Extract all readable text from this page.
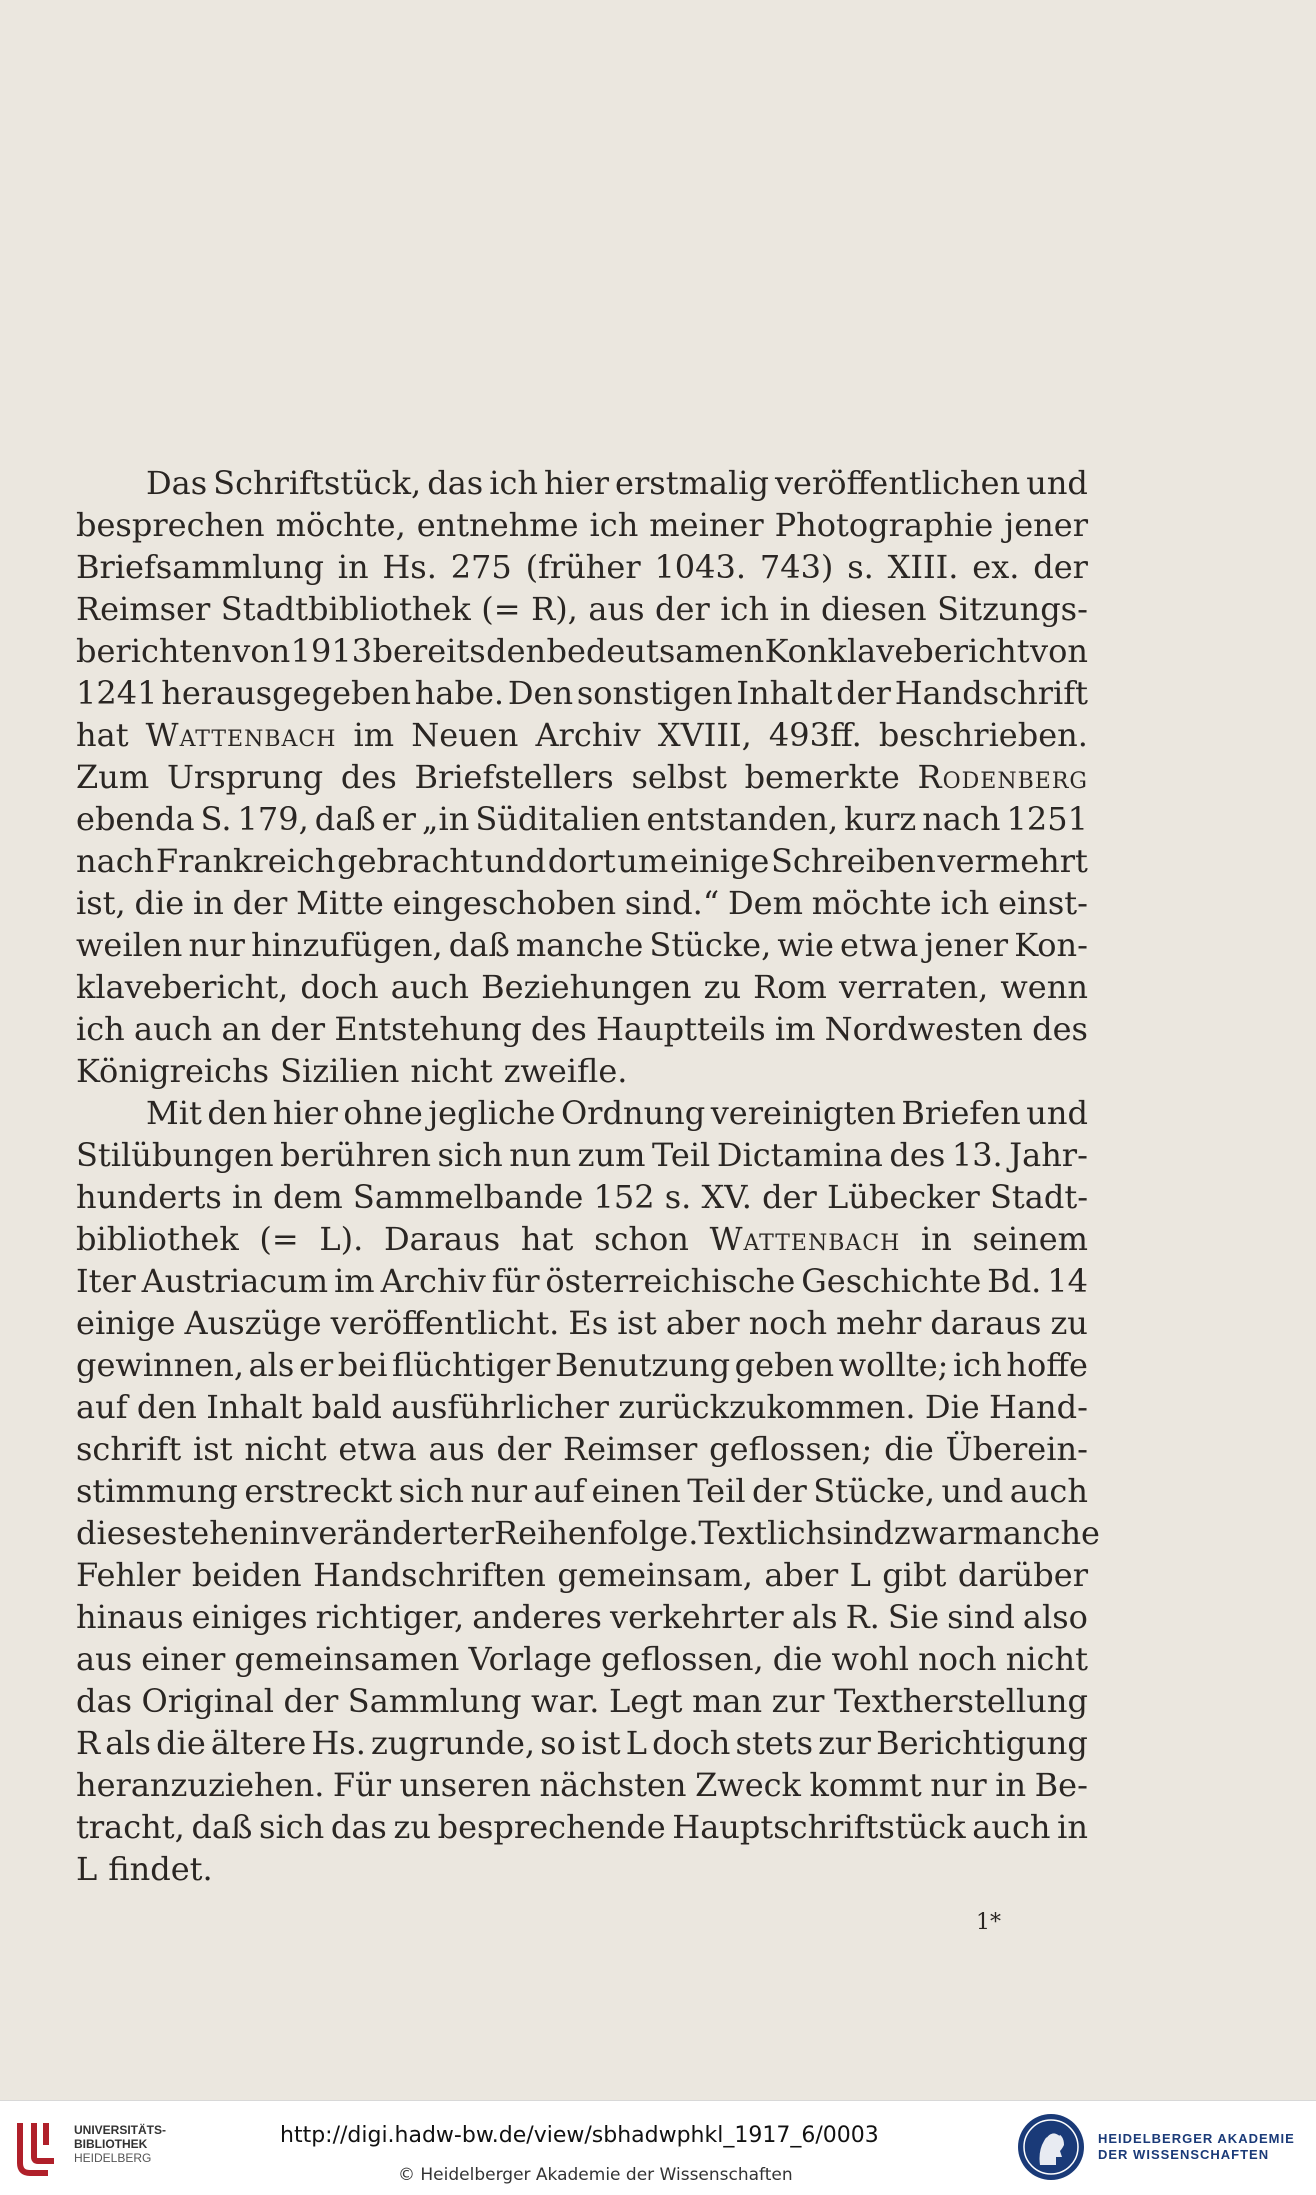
Das Schriftstück, das ich hier erstmalig veröffentlichen und
besprechen möchte, entnehme ich meiner Photographie jener
Briefsammlung in Hs. 275 (früher 1043. 743) s. XIII. ex. der
Reimser Stadtbibliothek (= R), aus der ich in diesen Sitzungs-
berichten von 1913 bereits den bedeutsamen Konklavebericht von
1241 herausgegeben habe. Den sonstigen Inhalt der Handschrift
hat Wattenbach im Neuen Archiv XVIII, 493ff. beschrieben.
Zum Ursprung des Briefstellers selbst bemerkte Rodenberg
ebenda S. 179, daß er „in Süditalien entstanden, kurz nach 1251
nach Frankreich gebracht und dort um einige Schreiben vermehrt
ist, die in der Mitte eingeschoben sind.“ Dem möchte ich einst-
weilen nur hinzufügen, daß manche Stücke, wie etwa jener Kon-
klavebericht, doch auch Beziehungen zu Rom verraten, wenn
ich auch an der Entstehung des Hauptteils im Nordwesten des
Königreichs Sizilien nicht zweifle.
Mit den hier ohne jegliche Ordnung vereinigten Briefen und
Stilübungen berühren sich nun zum Teil Dictamina des 13. Jahr-
hunderts in dem Sammelbande 152 s. XV. der Lübecker Stadt-
bibliothek (= L). Daraus hat schon Wattenbach in seinem
Iter Austriacum im Archiv für österreichische Geschichte Bd. 14
einige Auszüge veröffentlicht. Es ist aber noch mehr daraus zu
gewinnen, als er bei flüchtiger Benutzung geben wollte; ich hoffe
auf den Inhalt bald ausführlicher zurückzukommen. Die Hand-
schrift ist nicht etwa aus der Reimser geflossen; die Überein-
stimmung erstreckt sich nur auf einen Teil der Stücke, und auch
diese stehen in veränderter Reihenfolge. Textlich sind zwar manche
Fehler beiden Handschriften gemeinsam, aber L gibt darüber
hinaus einiges richtiger, anderes verkehrter als R. Sie sind also
aus einer gemeinsamen Vorlage geflossen, die wohl noch nicht
das Original der Sammlung war. Legt man zur Textherstellung
R als die ältere Hs. zugrunde, so ist L doch stets zur Berichtigung
heranzuziehen. Für unseren nächsten Zweck kommt nur in Be-
tracht, daß sich das zu besprechende Hauptschriftstück auch in
L findet.
1*
UNIVERSITÄTS-
BIBLIOTHEK
HEIDELBERG
http://digi.hadw-bw.de/view/sbhadwphkl_1917_6/0003
© Heidelberger Akademie der Wissenschaften
HEIDELBERGER AKADEMIE
DER WISSENSCHAFTEN
